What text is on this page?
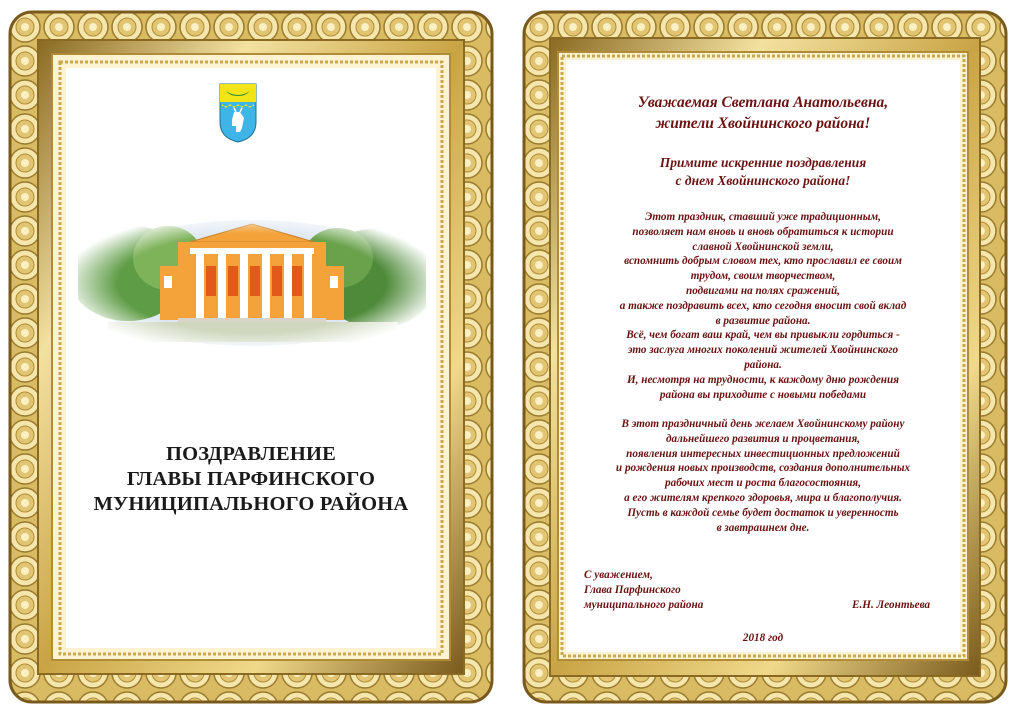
ПОЗДРАВЛЕНИЕ
ГЛАВЫ ПАРФИНСКОГО
МУНИЦИПАЛЬНОГО РАЙОНА
Уважаемая Светлана Анатольевна,
жители Хвойнинского района!
Примите искренние поздравления
с днем Хвойнинского района!
Этот праздник, ставший уже традиционным,
позволяет нам вновь и вновь обратиться к истории
славной Хвойнинской земли,
вспомнить добрым словом тех, кто прославил ее своим
трудом, своим творчеством,
подвигами на полях сражений,
а также поздравить всех, кто сегодня вносит свой вклад
в развитие района.
Всё, чем богат ваш край, чем вы привыкли гордиться -
это заслуга многих поколений жителей Хвойнинского
района.
И, несмотря на трудности, к каждому дню рождения
района вы приходите с новыми победами
В этот праздничный день желаем Хвойнинскому району
дальнейшего развития и процветания,
появления интересных инвестиционных предложений
и рождения новых производств, создания дополнительных
рабочих мест и роста благосостояния,
а его жителям крепкого здоровья, мира и благополучия.
Пусть в каждой семье будет достаток и уверенность
в завтрашнем дне.
С уважением,
Глава Парфинского
муниципального района	Е.Н. Леонтьева
2018 год
